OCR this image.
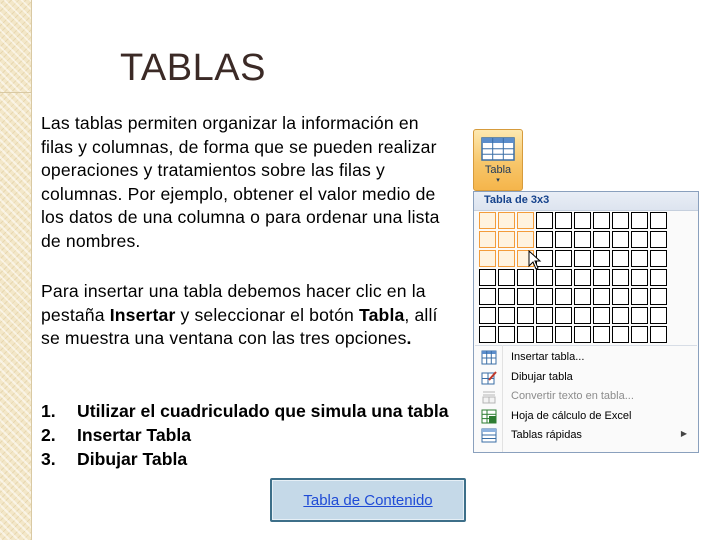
TABLAS
Las tablas permiten organizar la información en filas y columnas, de forma que se pueden realizar operaciones y tratamientos sobre las filas y columnas. Por ejemplo, obtener el valor medio de los datos de una columna o para ordenar una lista de nombres.
Para insertar una tabla debemos hacer clic en la pestaña Insertar y seleccionar el botón Tabla, allí se muestra una ventana con las tres opciones.
1. Utilizar el cuadriculado que simula una tabla
2. Insertar Tabla
3. Dibujar Tabla
Tabla de Contenido
Tabla
▾
Tabla de 3x3
Insertar tabla...
Dibujar tabla
Convertir texto en tabla...
Hoja de cálculo de Excel
Tablas rápidas	▶
